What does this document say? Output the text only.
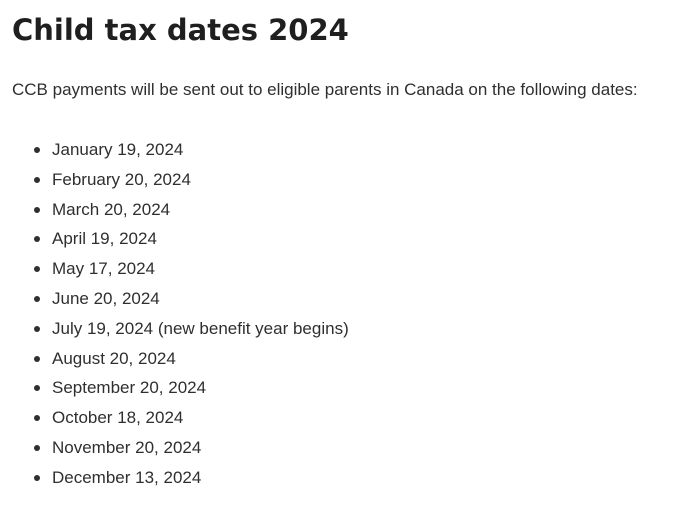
Child tax dates 2024

CCB payments will be sent out to eligible parents in Canada on the following dates:

January 19, 2024
February 20, 2024
March 20, 2024
April 19, 2024
May 17, 2024
June 20, 2024
July 19, 2024 (new benefit year begins)
August 20, 2024
September 20, 2024
October 18, 2024
November 20, 2024
December 13, 2024
